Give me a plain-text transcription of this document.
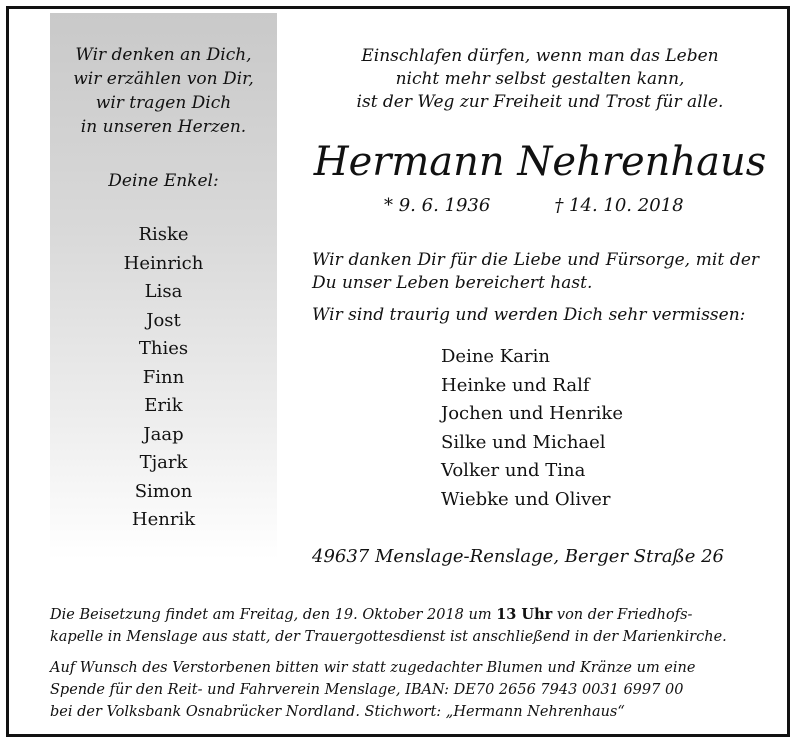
Wir denken an Dich,
wir erzählen von Dir,
wir tragen Dich
in unseren Herzen.
Deine Enkel:
Riske
Heinrich
Lisa
Jost
Thies
Finn
Erik
Jaap
Tjark
Simon
Henrik
Einschlafen dürfen, wenn man das Leben
nicht mehr selbst gestalten kann,
ist der Weg zur Freiheit und Trost für alle.
Hermann Nehrenhaus
* 9. 6. 1936	† 14. 10. 2018
Wir danken Dir für die Liebe und Fürsorge, mit der Du unser Leben bereichert hast.
Wir sind traurig und werden Dich sehr vermissen:
Deine Karin
Heinke und Ralf
Jochen und Henrike
Silke und Michael
Volker und Tina
Wiebke und Oliver
49637 Menslage-Renslage, Berger Straße 26
Die Beisetzung findet am Freitag, den 19. Oktober 2018 um 13 Uhr von der Friedhofs-
kapelle in Menslage aus statt, der Trauergottesdienst ist anschließend in der Marienkirche.
Auf Wunsch des Verstorbenen bitten wir statt zugedachter Blumen und Kränze um eine
Spende für den Reit- und Fahrverein Menslage, IBAN: DE70 2656 7943 0031 6997 00
bei der Volksbank Osnabrücker Nordland. Stichwort: „Hermann Nehrenhaus“
